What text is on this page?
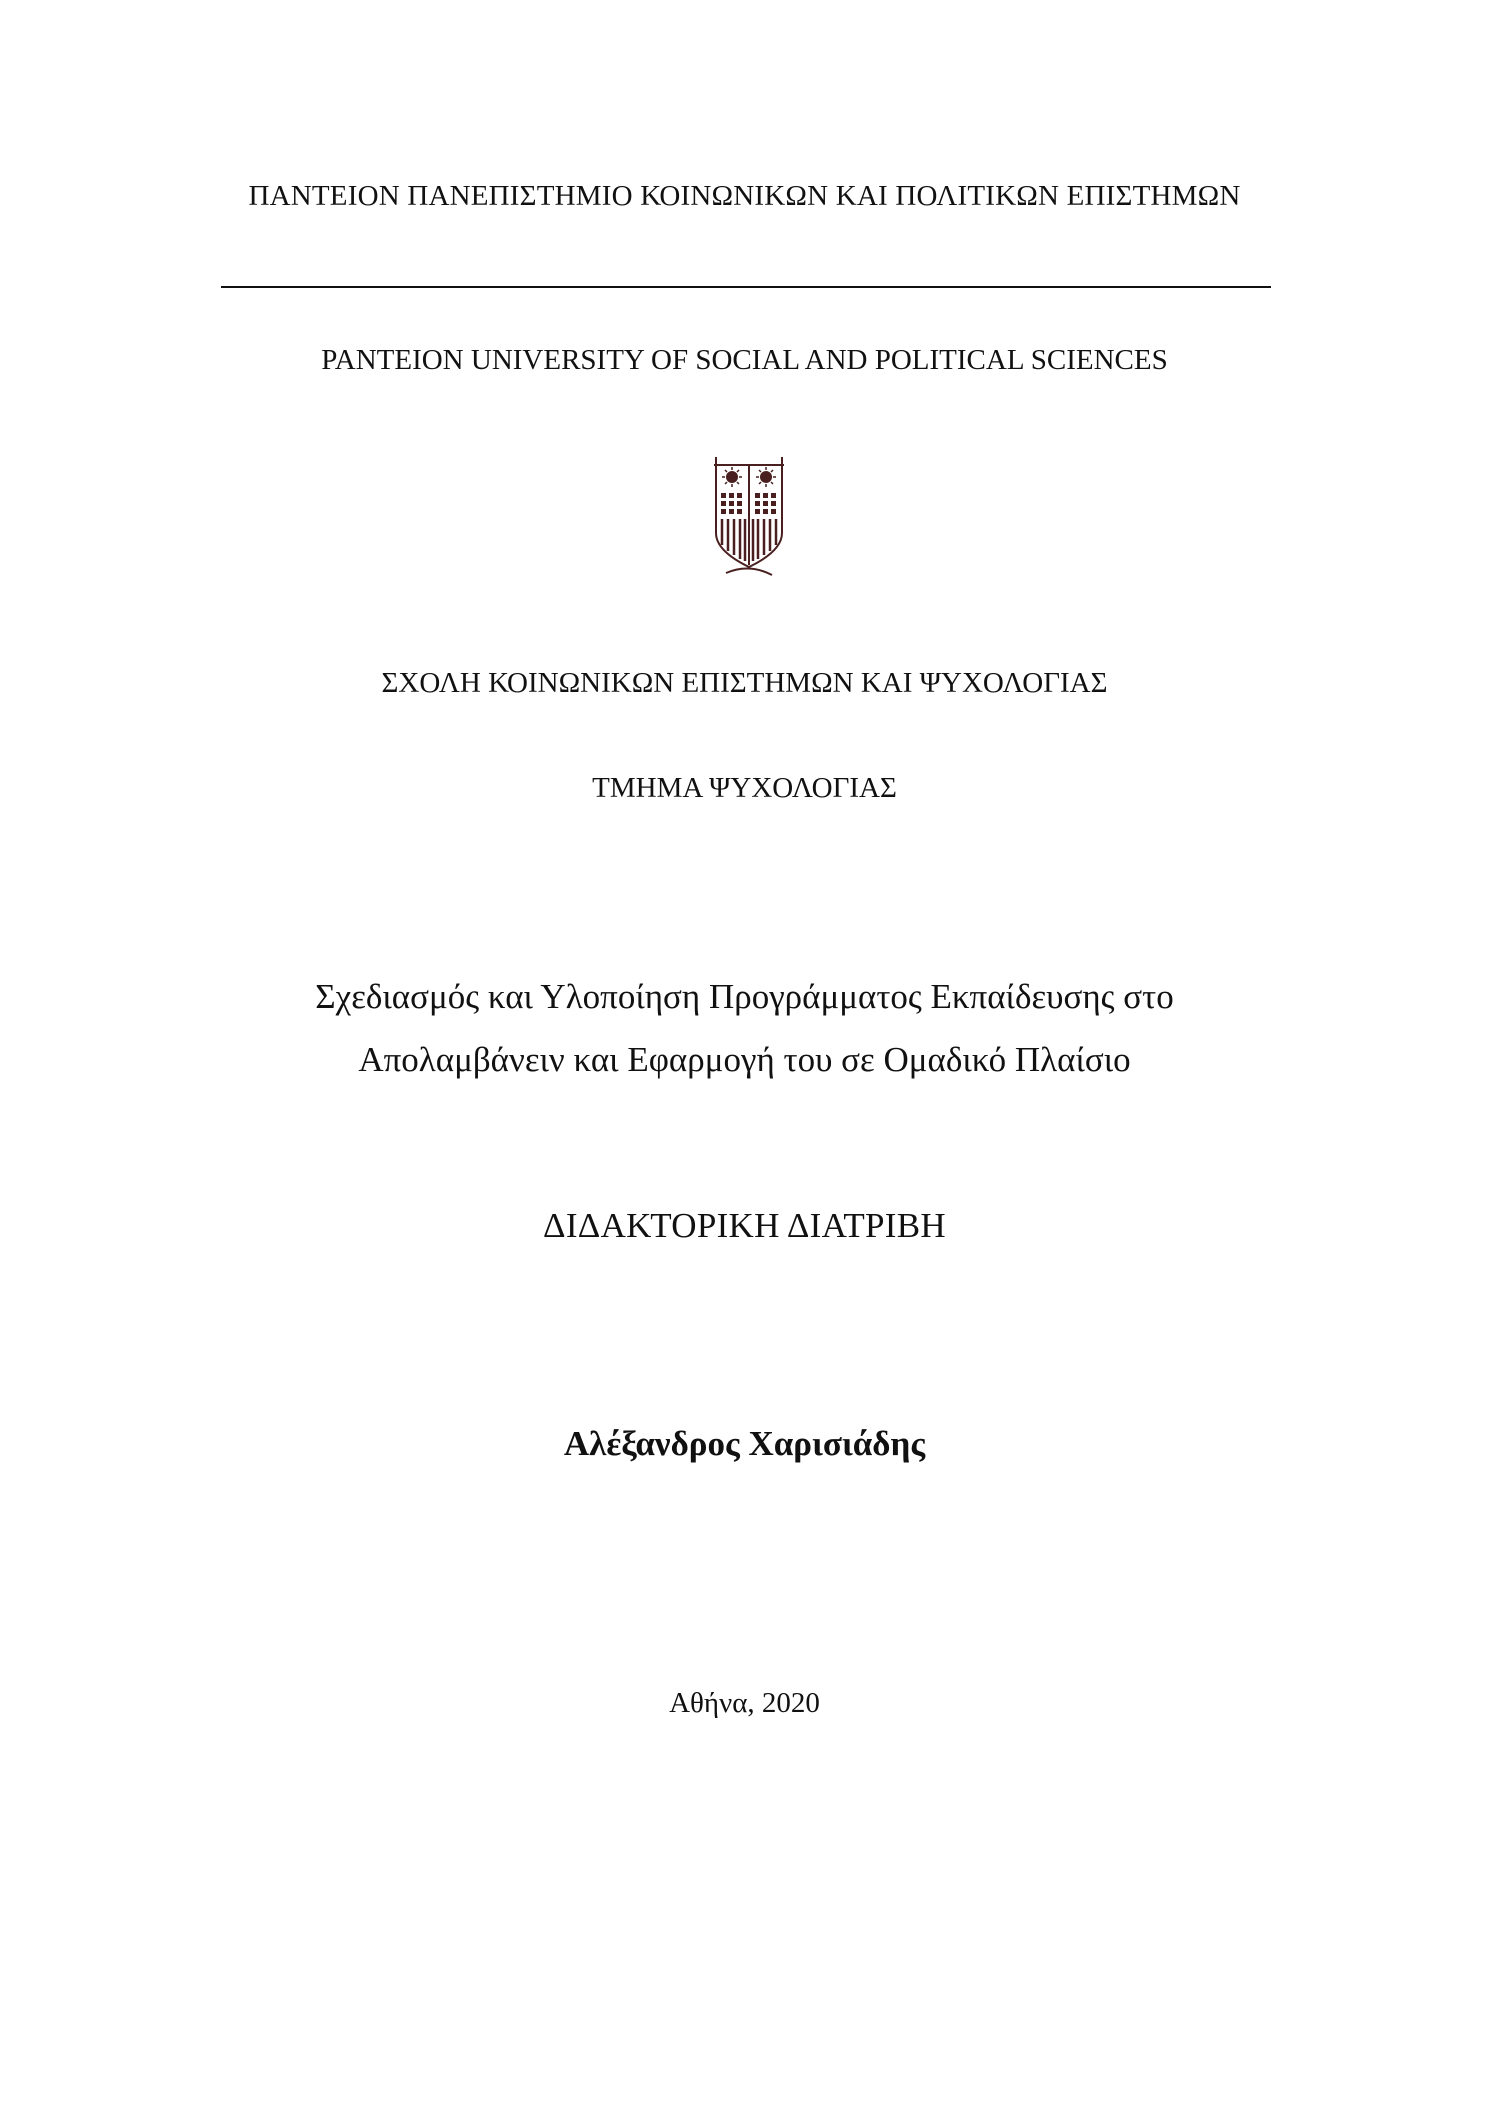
ΠΑΝΤΕΙΟΝ ΠΑΝΕΠΙΣΤΗΜΙΟ ΚΟΙΝΩΝΙΚΩΝ ΚΑΙ ΠΟΛΙΤΙΚΩΝ ΕΠΙΣΤΗΜΩΝ
PANTEION UNIVERSITY OF SOCIAL AND POLITICAL SCIENCES
ΣΧΟΛΗ ΚΟΙΝΩΝΙΚΩΝ ΕΠΙΣΤΗΜΩΝ ΚΑΙ ΨΥΧΟΛΟΓΙΑΣ
ΤΜΗΜΑ ΨΥΧΟΛΟΓΙΑΣ
Σχεδιασμός και Υλοποίηση Προγράμματος Εκπαίδευσης στο
Απολαμβάνειν και Εφαρμογή του σε Ομαδικό Πλαίσιο
ΔΙΔΑΚΤΟΡΙΚΗ ΔΙΑΤΡΙΒΗ
Αλέξανδρος Χαρισιάδης
Αθήνα, 2020
